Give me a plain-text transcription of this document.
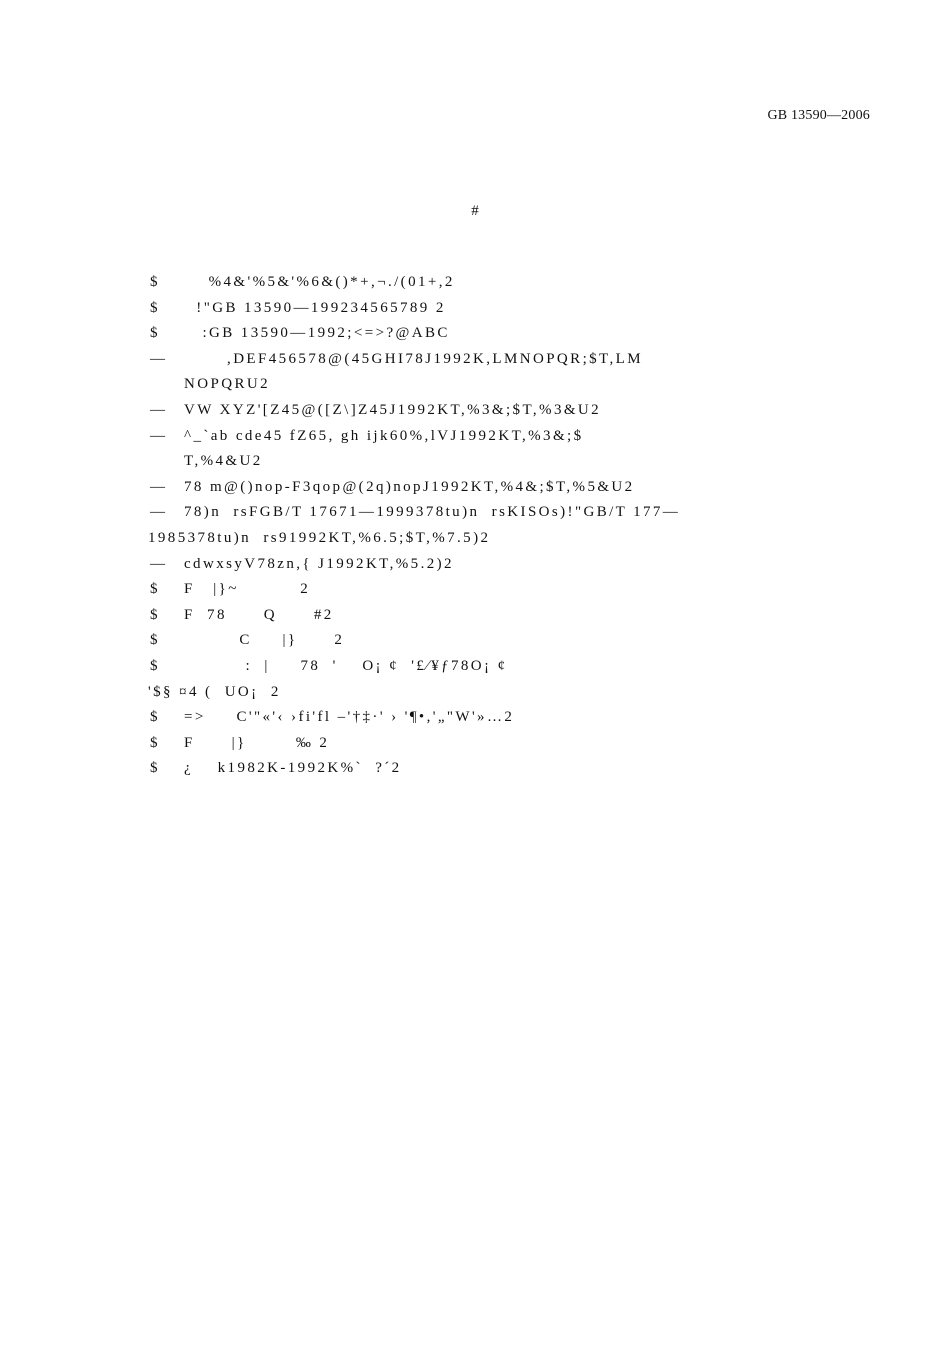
GB 13590—2006
#
$	%4&'%5&'%6&()*+,¬./(01+,2
$	!"GB 13590—199234565789 2
$	:GB 13590—1992;<=>?@ABC
—	,DEF456578@(45GHI78J1992K,LMNOPQR;$T,LM
NOPQRU2
—	VW XYZ'[Z45@([Z\]Z45J1992KT,%3&;$T,%3&U2
—	^_`ab cde45 fZ65, gh ijk60%,lVJ1992KT,%3&;$
T,%4&U2
—	78 m@()nop-F3qop@(2q)nopJ1992KT,%4&;$T,%5&U2
—	78)n  rsFGB/T 17671—1999378tu)n  rsKISOs)!"GB/T 177—
1985378tu)n  rs91992KT,%6.5;$T,%7.5)2
—	cdwxsyV78zn,{ J1992KT,%5.2)2
$	F   |}~          2
$	F  78      Q      #2
$	C     |}      2
$	:  |     78  '    O¡ ¢  '£⁄¥ƒ78O¡ ¢
'$§ ¤4 (  UO¡  2
$	=>     C'"«'‹ ›fi'fl –'†‡·' › '¶•,'„"W'»…2
$	F      |}        ‰ 2
$	¿    k1982K-1992K%`  ?´2
